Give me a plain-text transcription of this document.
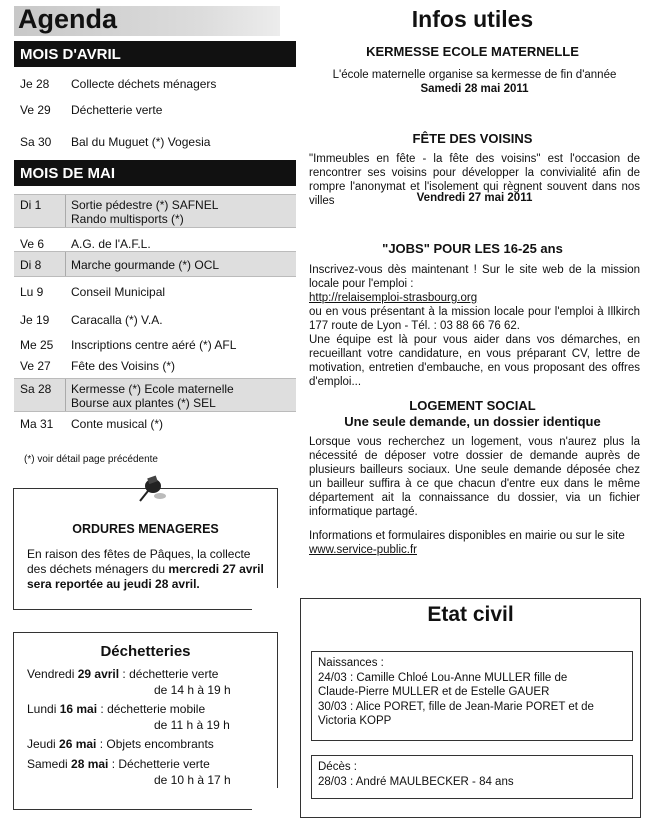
Agenda
MOIS D'AVRIL
Je 28 Collecte déchets ménagers
Ve 29 Déchetterie verte
Sa 30 Bal du Muguet (*) Vogesia
MOIS DE MAI
Di 1 Sortie pédestre (*) SAFNEL
Rando multisports (*)
Ve 6 A.G. de l'A.F.L.
Di 8 Marche gourmande (*) OCL
Lu 9 Conseil Municipal
Je 19 Caracalla (*) V.A.
Me 25 Inscriptions centre aéré (*) AFL
Ve 27 Fête des Voisins (*)
Sa 28 Kermesse (*) Ecole maternelle
Bourse aux plantes (*) SEL
Ma 31 Conte musical (*)
(*) voir détail page précédente
ORDURES MENAGERES
En raison des fêtes de Pâques, la collecte des déchets ménagers du mercredi 27 avril sera reportée au jeudi 28 avril.
Déchetteries
Vendredi 29 avril : déchetterie verte
de 14 h à 19 h
Lundi 16 mai : déchetterie mobile
de 11 h à 19 h
Jeudi 26 mai : Objets encombrants
Samedi 28 mai : Déchetterie verte
de 10 h à 17 h
Infos utiles
KERMESSE ECOLE MATERNELLE
L'école maternelle organise sa kermesse de fin d'année
Samedi 28 mai 2011
FÊTE DES VOISINS
"Immeubles en fête - la fête des voisins" est l'occasion de rencontrer ses voisins pour développer la convivialité afin de rompre l'anonymat et l'isolement qui règnent souvent dans nos villes	Vendredi 27 mai 2011
"JOBS" POUR LES 16-25 ans
Inscrivez-vous dès maintenant ! Sur le site web de la mission locale pour l'emploi :
http://relaisemploi-strasbourg.org
ou en vous présentant à la mission locale pour l'emploi à Illkirch 177 route de Lyon - Tél. : 03 88 66 76 62.
Une équipe est là pour vous aider dans vos démarches, en recueillant votre candidature, en vous préparant CV, lettre de motivation, entretien d'embauche, en vous proposant des offres d'emploi...
LOGEMENT SOCIAL
Une seule demande, un dossier identique
Lorsque vous recherchez un logement, vous n'aurez plus la nécessité de déposer votre dossier de demande auprès de plusieurs bailleurs sociaux. Une seule demande déposée chez un bailleur suffira à ce que chacun d'entre eux dans le même département ait la connaissance du dossier, via un fichier informatique partagé.
Informations et formulaires disponibles en mairie ou sur le site
www.service-public.fr
Etat civil
Naissances :
24/03 : Camille Chloé Lou-Anne MULLER fille de
Claude-Pierre MULLER et de Estelle GAUER
30/03 : Alice PORET, fille de Jean-Marie PORET et de
Victoria KOPP
Décès :
28/03 : André MAULBECKER - 84 ans
